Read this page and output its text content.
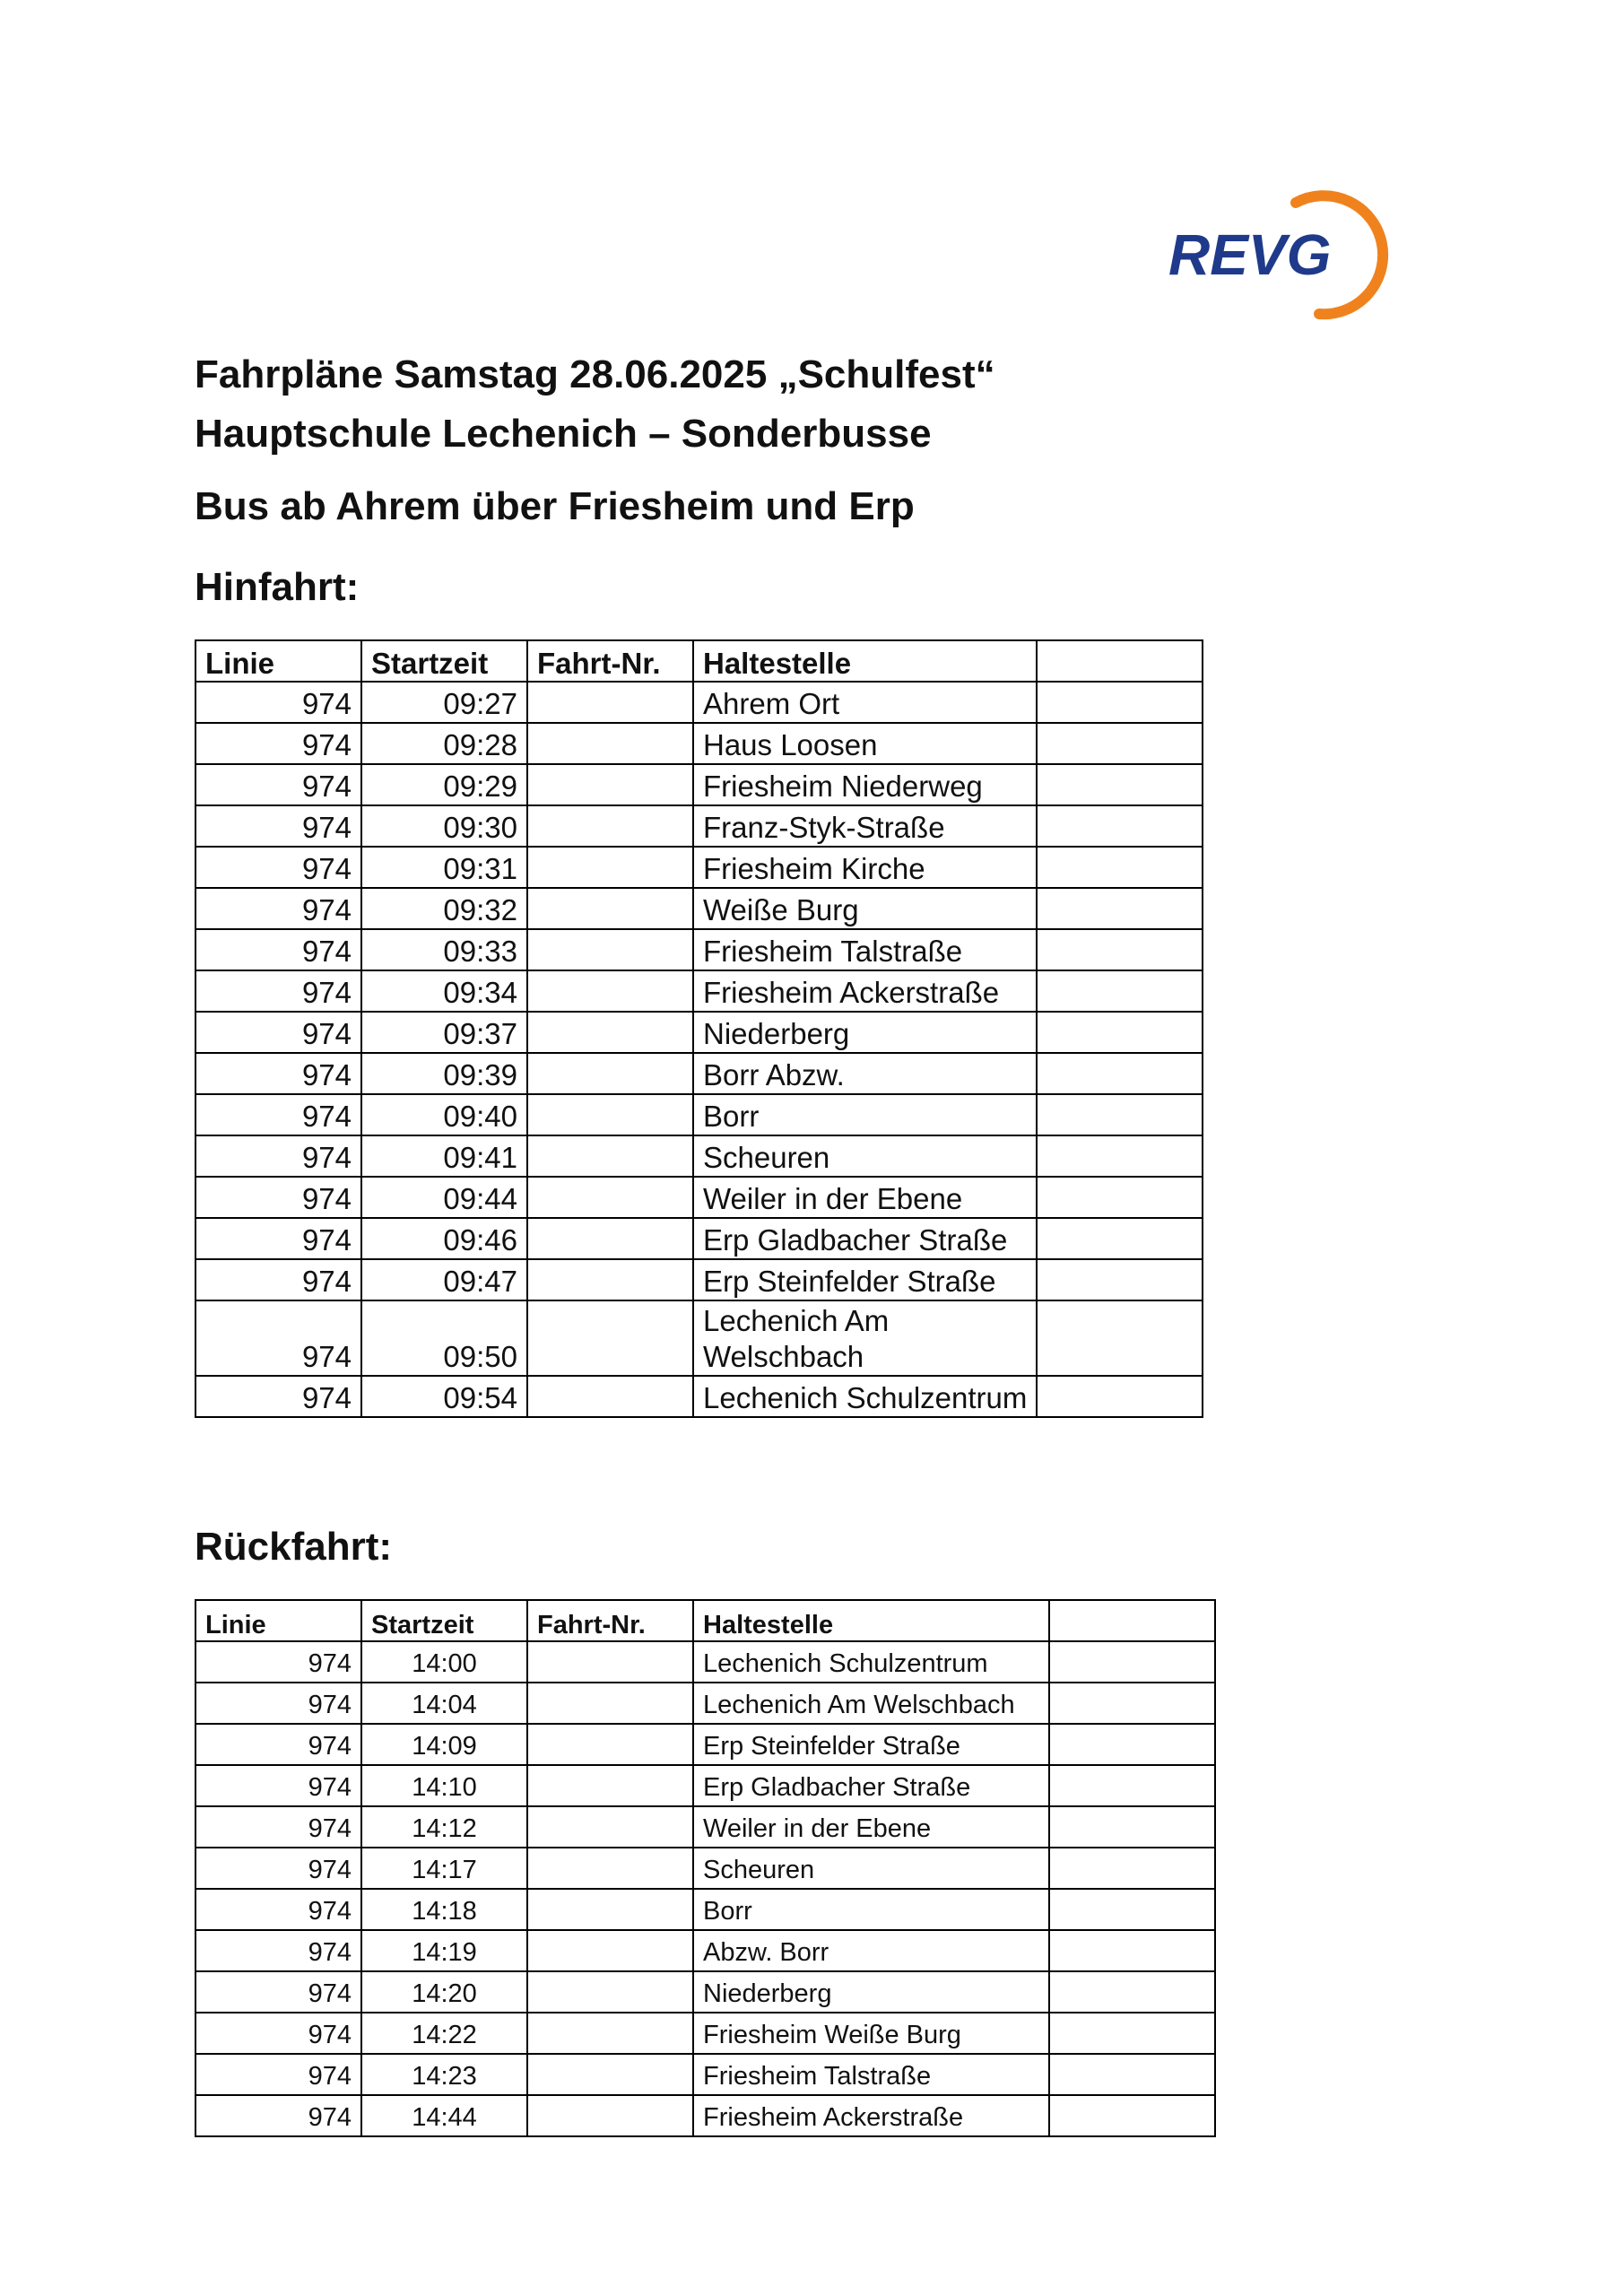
REVG
Fahrpläne Samstag 28.06.2025 „Schulfest“
Hauptschule Lechenich – Sonderbusse
Bus ab Ahrem über Friesheim und Erp
Hinfahrt:
Linie	Startzeit	Fahrt-Nr.	Haltestelle	
974	09:27		Ahrem Ort	
974	09:28		Haus Loosen	
974	09:29		Friesheim Niederweg	
974	09:30		Franz-Styk-Straße	
974	09:31		Friesheim Kirche	
974	09:32		Weiße Burg	
974	09:33		Friesheim Talstraße	
974	09:34		Friesheim Ackerstraße	
974	09:37		Niederberg	
974	09:39		Borr Abzw.	
974	09:40		Borr	
974	09:41		Scheuren	
974	09:44		Weiler in der Ebene	
974	09:46		Erp Gladbacher Straße	
974	09:47		Erp Steinfelder Straße	
974	09:50		Lechenich Am Welschbach	
974	09:54		Lechenich Schulzentrum	
Rückfahrt:
Linie	Startzeit	Fahrt-Nr.	Haltestelle	
974	14:00		Lechenich Schulzentrum	
974	14:04		Lechenich Am Welschbach	
974	14:09		Erp Steinfelder Straße	
974	14:10		Erp Gladbacher Straße	
974	14:12		Weiler in der Ebene	
974	14:17		Scheuren	
974	14:18		Borr	
974	14:19		Abzw. Borr	
974	14:20		Niederberg	
974	14:22		Friesheim Weiße Burg	
974	14:23		Friesheim Talstraße	
974	14:44		Friesheim Ackerstraße	
